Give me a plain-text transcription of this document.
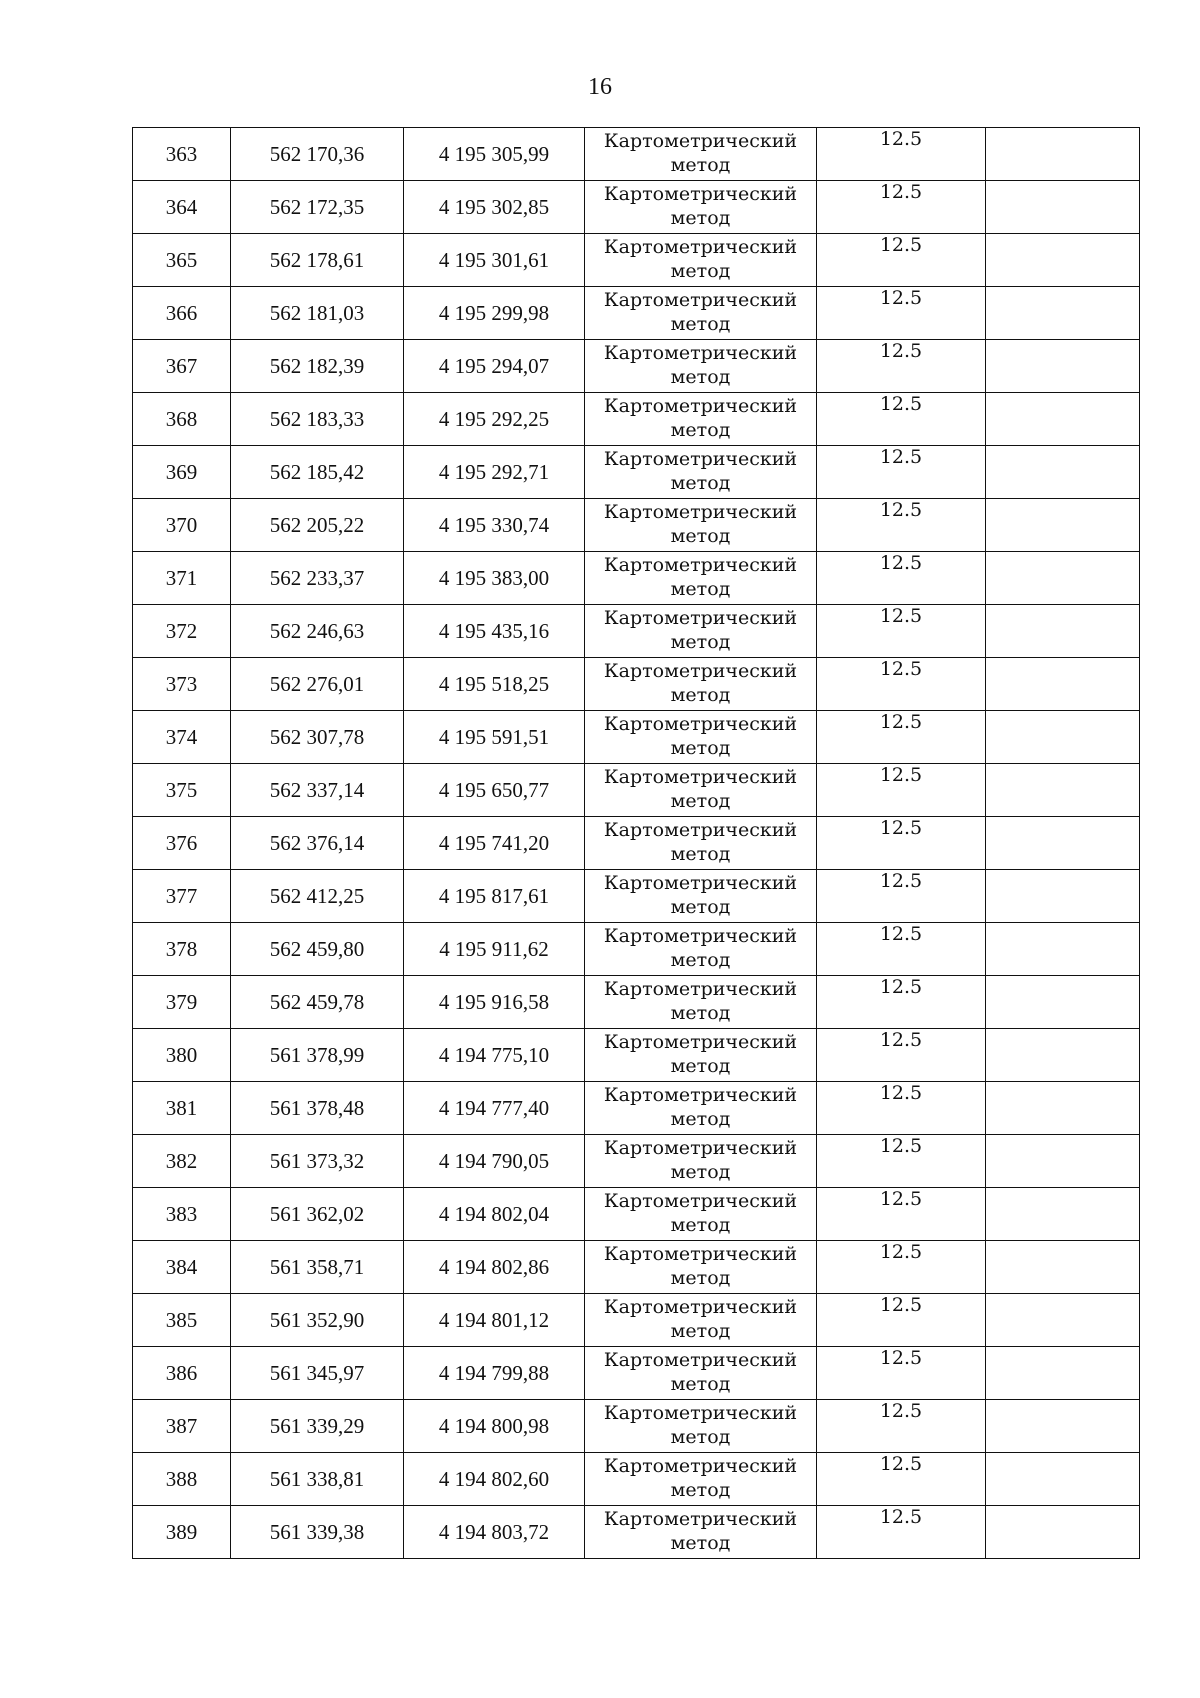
16
363	562 170,36	4 195 305,99	Картометрический
метод	12.5	
364	562 172,35	4 195 302,85	Картометрический
метод	12.5	
365	562 178,61	4 195 301,61	Картометрический
метод	12.5	
366	562 181,03	4 195 299,98	Картометрический
метод	12.5	
367	562 182,39	4 195 294,07	Картометрический
метод	12.5	
368	562 183,33	4 195 292,25	Картометрический
метод	12.5	
369	562 185,42	4 195 292,71	Картометрический
метод	12.5	
370	562 205,22	4 195 330,74	Картометрический
метод	12.5	
371	562 233,37	4 195 383,00	Картометрический
метод	12.5	
372	562 246,63	4 195 435,16	Картометрический
метод	12.5	
373	562 276,01	4 195 518,25	Картометрический
метод	12.5	
374	562 307,78	4 195 591,51	Картометрический
метод	12.5	
375	562 337,14	4 195 650,77	Картометрический
метод	12.5	
376	562 376,14	4 195 741,20	Картометрический
метод	12.5	
377	562 412,25	4 195 817,61	Картометрический
метод	12.5	
378	562 459,80	4 195 911,62	Картометрический
метод	12.5	
379	562 459,78	4 195 916,58	Картометрический
метод	12.5	
380	561 378,99	4 194 775,10	Картометрический
метод	12.5	
381	561 378,48	4 194 777,40	Картометрический
метод	12.5	
382	561 373,32	4 194 790,05	Картометрический
метод	12.5	
383	561 362,02	4 194 802,04	Картометрический
метод	12.5	
384	561 358,71	4 194 802,86	Картометрический
метод	12.5	
385	561 352,90	4 194 801,12	Картометрический
метод	12.5	
386	561 345,97	4 194 799,88	Картометрический
метод	12.5	
387	561 339,29	4 194 800,98	Картометрический
метод	12.5	
388	561 338,81	4 194 802,60	Картометрический
метод	12.5	
389	561 339,38	4 194 803,72	Картометрический
метод	12.5	
